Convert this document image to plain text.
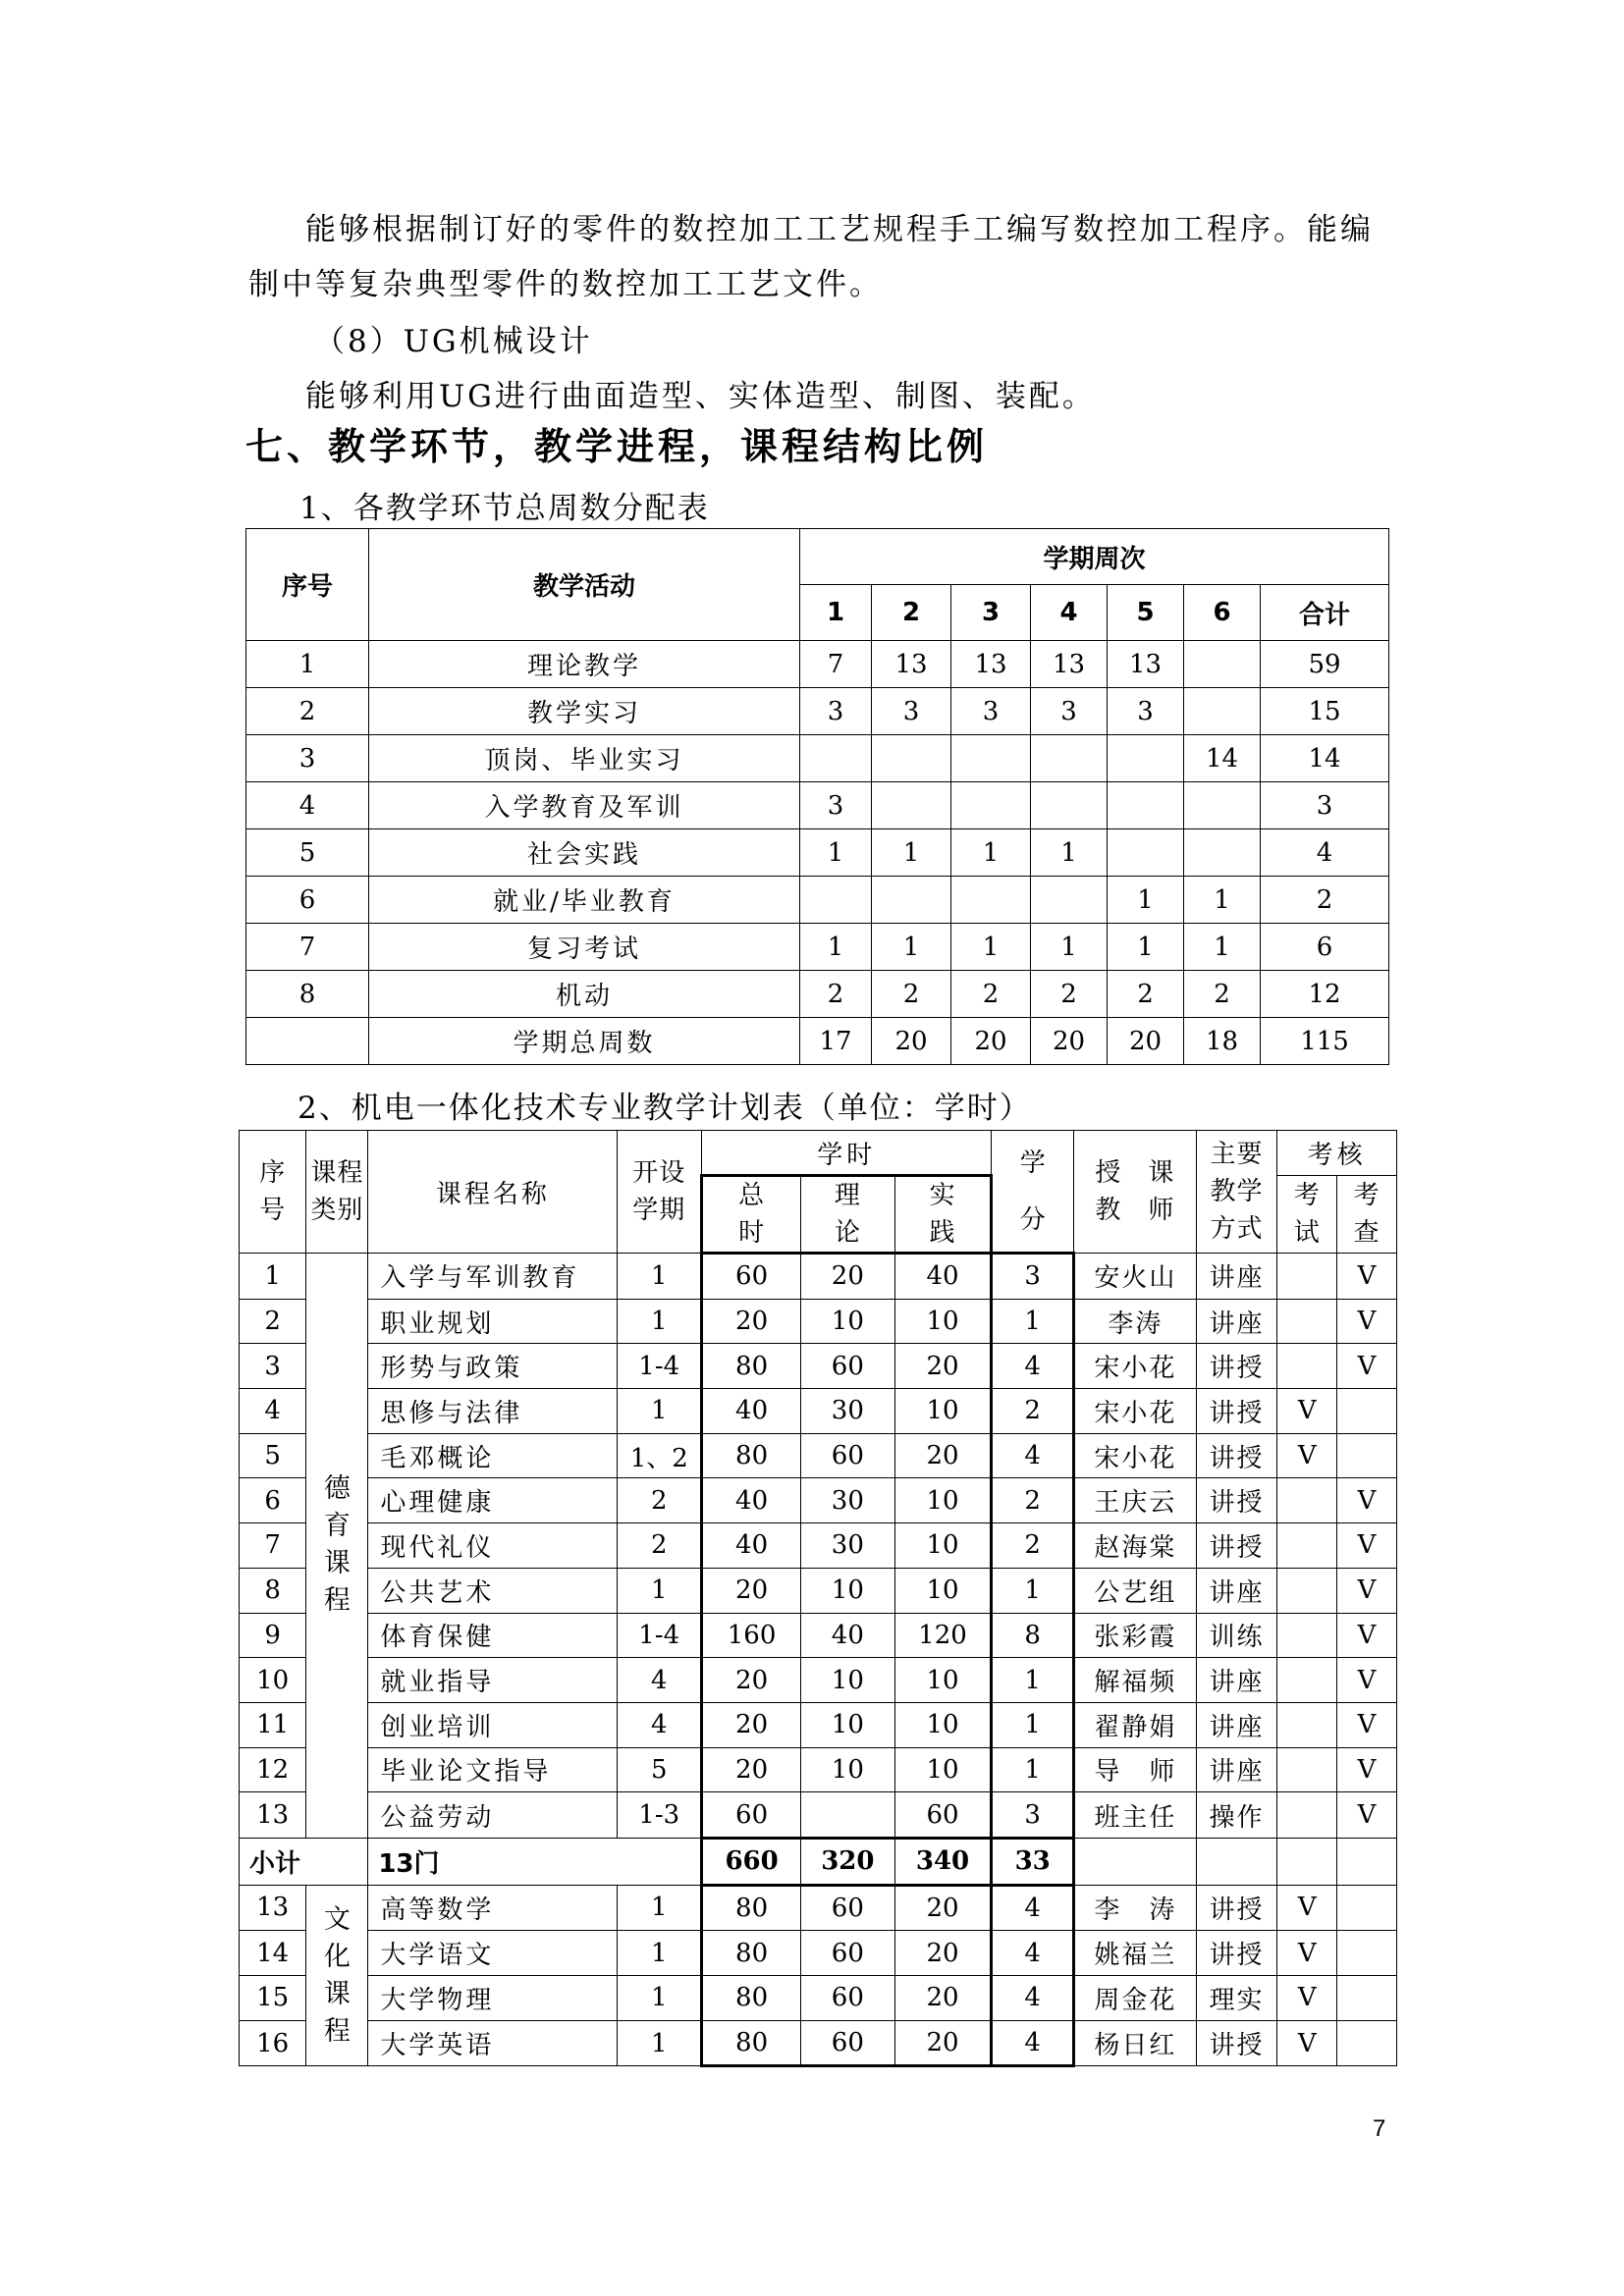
能够根据制订好的零件的数控加工工艺规程手工编写数控加工程序。能编制中等复杂典型零件的数控加工工艺文件。

（8）UG机械设计

能够利用UG进行曲面造型、实体造型、制图、装配。

七、教学环节，教学进程，课程结构比例

1、各教学环节总周数分配表

序号	教学活动	学期周次						
		1	2	3	4	5	6	合计
1	理论教学	7	13	13	13	13		59
2	教学实习	3	3	3	3	3		15
3	顶岗、毕业实习						14	14
4	入学教育及军训	3						3
5	社会实践	1	1	1	1			4
6	就业/毕业教育					1	1	2
7	复习考试	1	1	1	1	1	1	6
8	机动	2	2	2	2	2	2	12
	学期总周数	17	20	20	20	20	18	115

2、机电一体化技术专业教学计划表（单位：学时）

序
号	课程
类别	课程名称	开设
学期	学时			学
分	授　课
教　师	主要
教学
方式	考核	

				总
时	理
论	实
践				考
试	考
查

1	德
育
课
程	入学与军训教育	1	60	20	40	3	安火山	讲座		V
2		职业规划	1	20	10	10	1	李涛	讲座		V
3		形势与政策	1-4	80	60	20	4	宋小花	讲授		V
4		思修与法律	1	40	30	10	2	宋小花	讲授	V	
5		毛邓概论	1、2	80	60	20	4	宋小花	讲授	V	
6		心理健康	2	40	30	10	2	王庆云	讲授		V
7		现代礼仪	2	40	30	10	2	赵海棠	讲授		V
8		公共艺术	1	20	10	10	1	公艺组	讲座		V
9		体育保健	1-4	160	40	120	8	张彩霞	训练		V
10		就业指导	4	20	10	10	1	解福频	讲座		V
11		创业培训	4	20	10	10	1	翟静娟	讲座		V
12		毕业论文指导	5	20	10	10	1	导　师	讲座		V
13		公益劳动	1-3	60		60	3	班主任	操作		V
小计		13门		660	320	340	33				
13	文
化
课
程	高等数学	1	80	60	20	4	李　涛	讲授	V	
14		大学语文	1	80	60	20	4	姚福兰	讲授	V	
15		大学物理	1	80	60	20	4	周金花	理实	V	
16		大学英语	1	80	60	20	4	杨日红	讲授	V	
7
